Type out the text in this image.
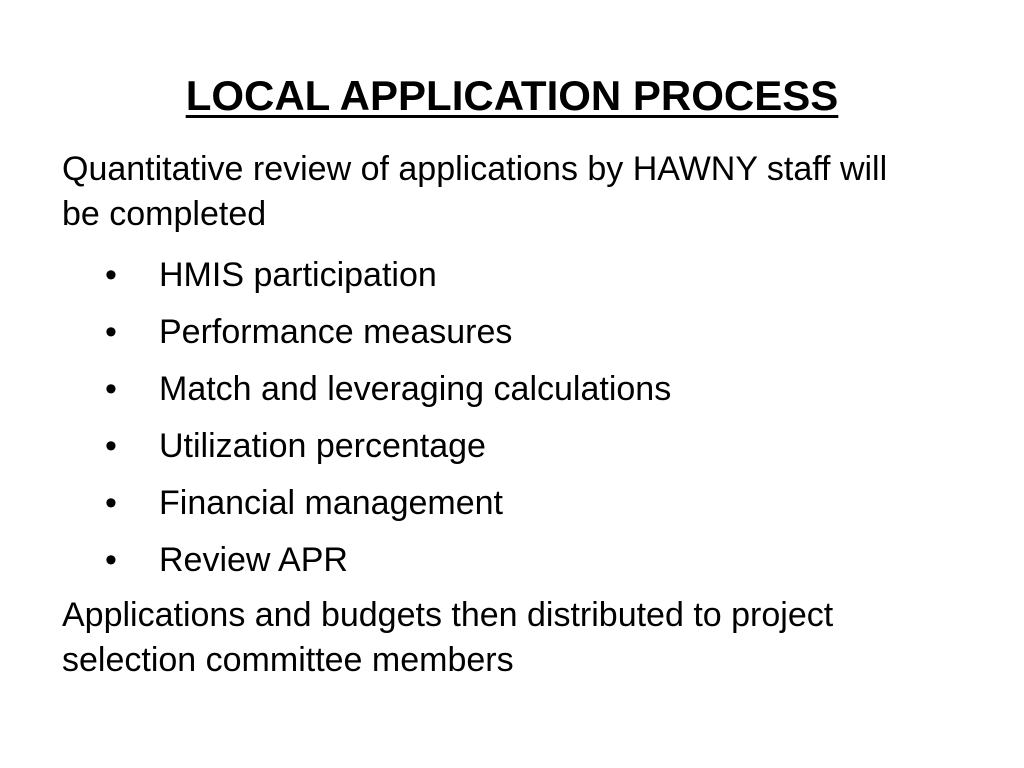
LOCAL APPLICATION PROCESS
Quantitative review of applications by HAWNY staff will be completed
• HMIS participation
• Performance measures
• Match and leveraging calculations
• Utilization percentage
• Financial management
• Review APR
Applications and budgets then distributed to project selection committee members
